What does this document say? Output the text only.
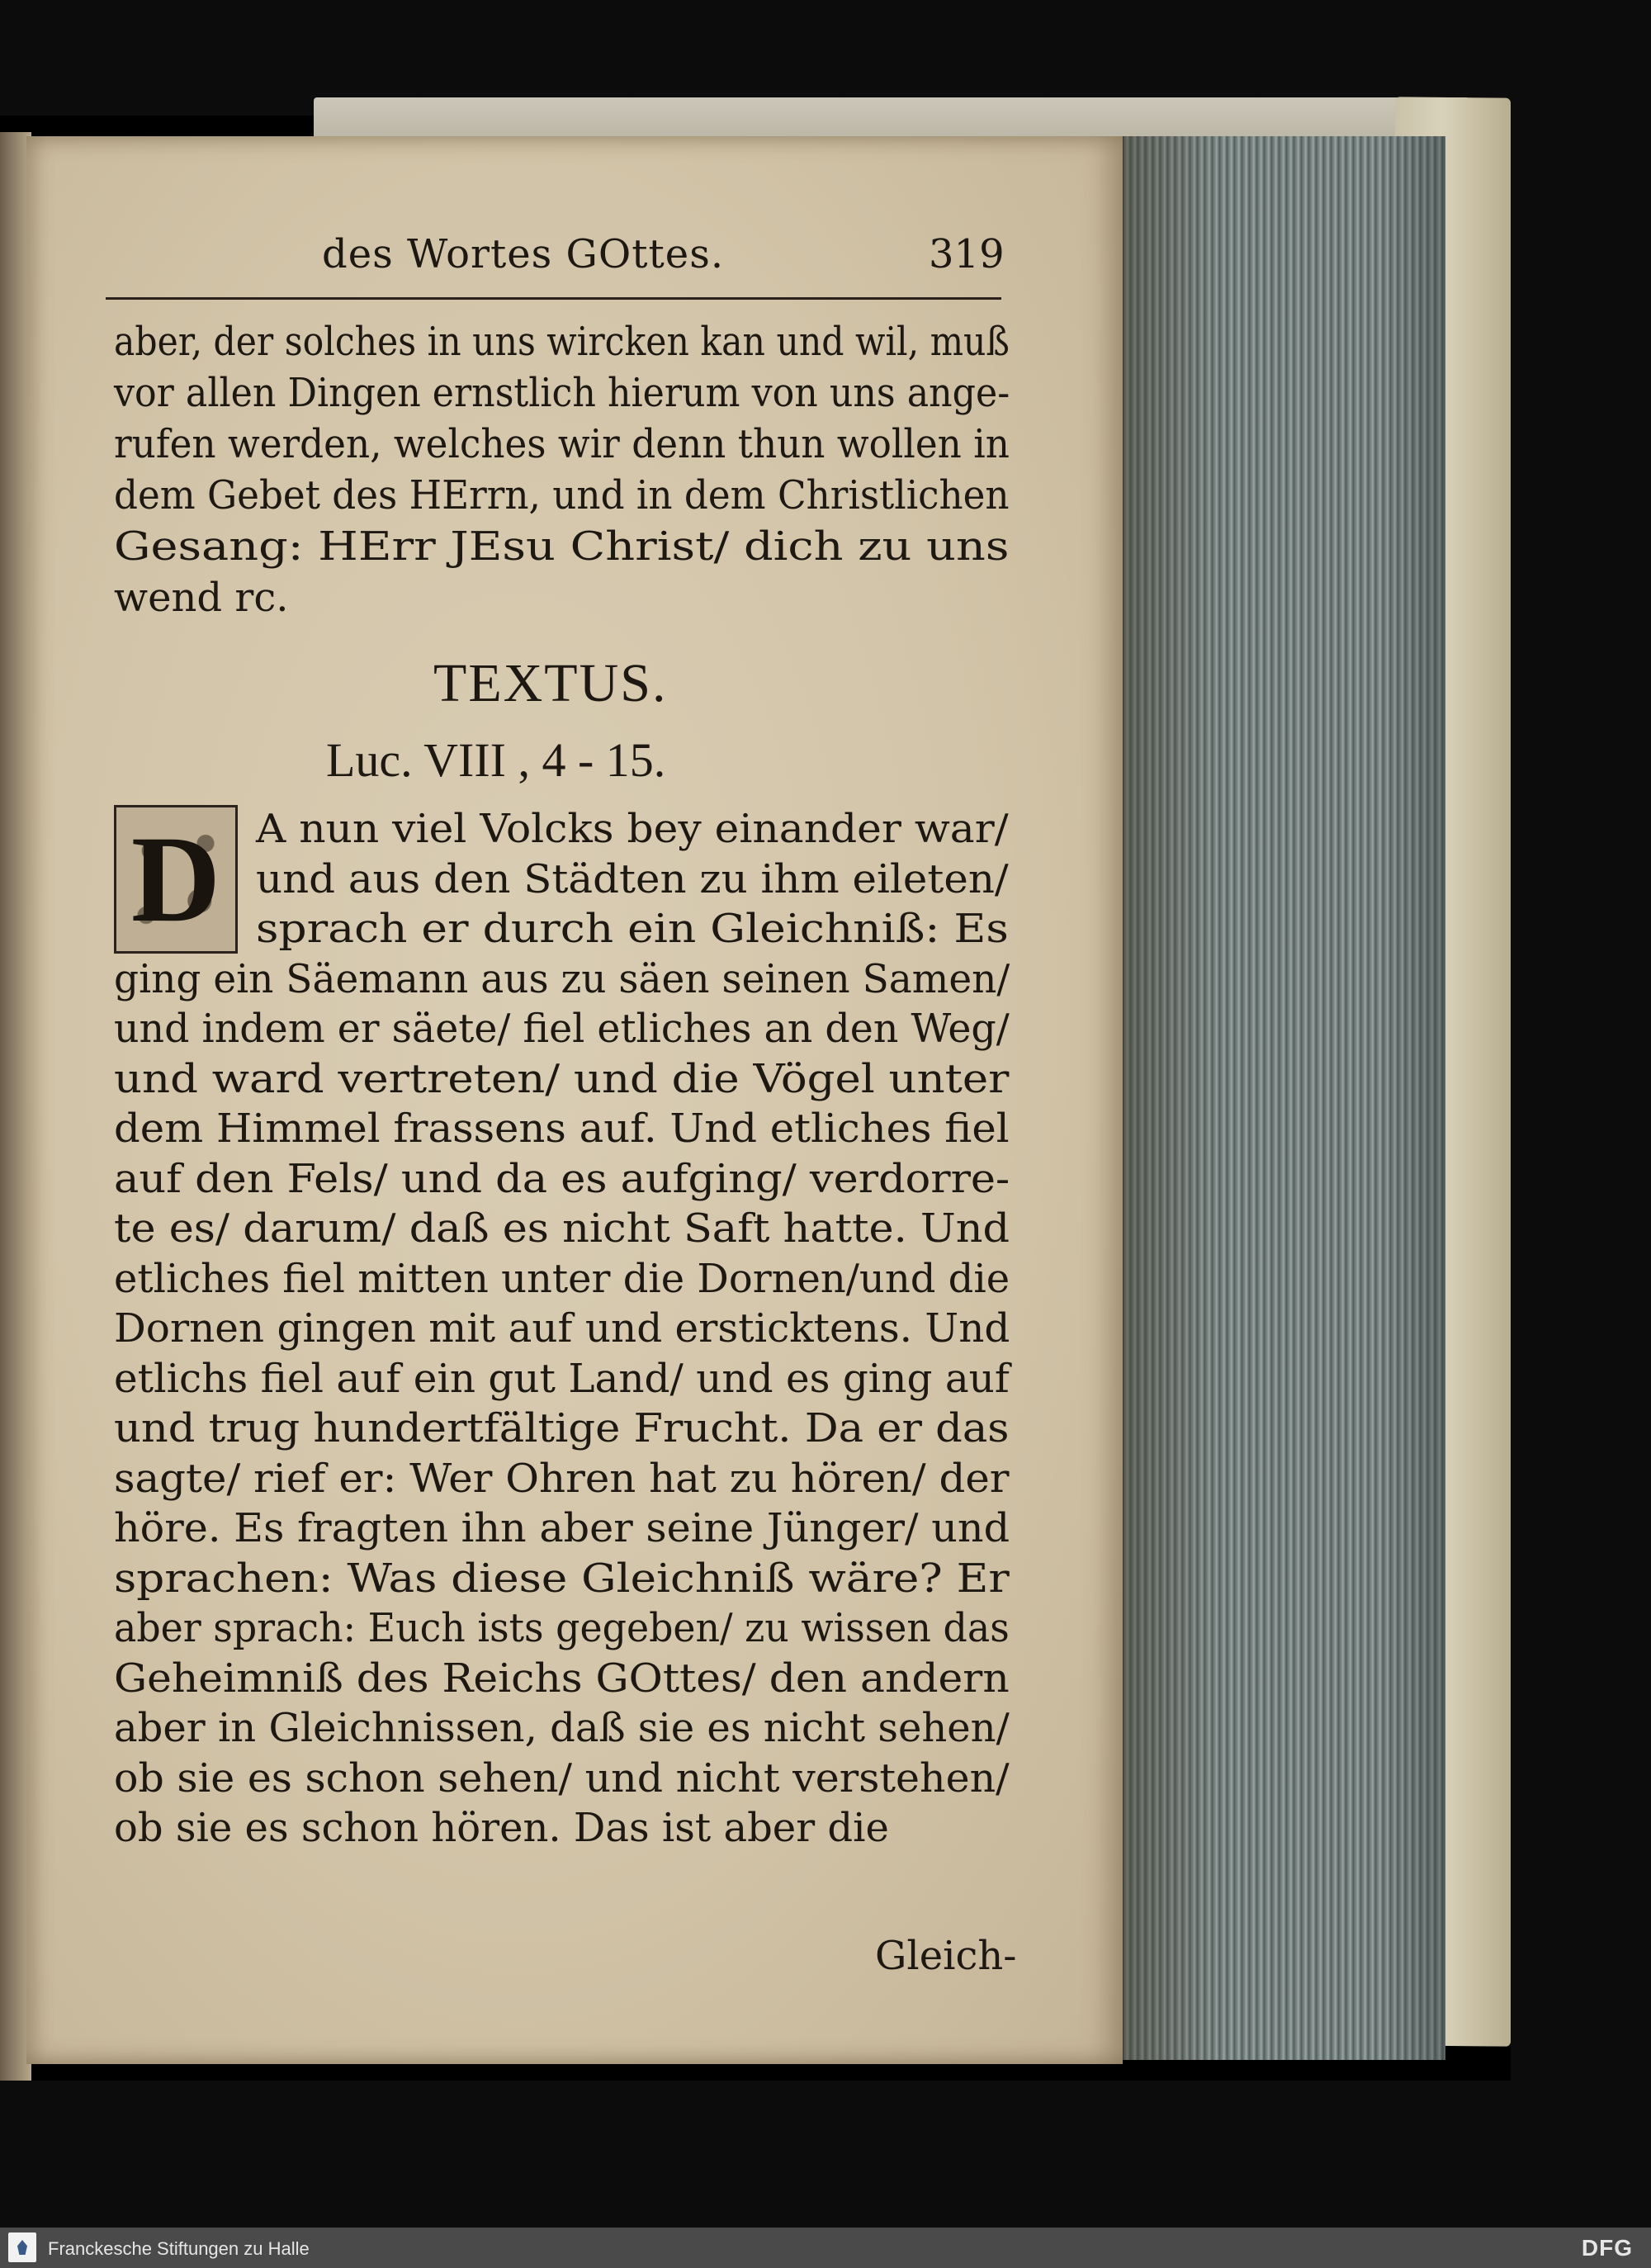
des Wortes GOttes.	319
aber, der solches in uns wircken kan und wil, muß
vor allen Dingen ernstlich hierum von uns ange-
rufen werden, welches wir denn thun wollen in
dem Gebet des HErrn, und in dem Christlichen
Gesang: HErr JEsu Christ/ dich zu uns
wend rc.
TEXTUS.
Luc. VIII , 4 - 15.
D A nun viel Volcks bey einander war/
und aus den Städten zu ihm eileten/
sprach er durch ein Gleichniß: Es
ging ein Säemann aus zu säen seinen Samen/
und indem er säete/ fiel etliches an den Weg/
und ward vertreten/ und die Vögel unter
dem Himmel frassens auf. Und etliches fiel
auf den Fels/ und da es aufging/ verdorre-
te es/ darum/ daß es nicht Saft hatte. Und
etliches fiel mitten unter die Dornen/und die
Dornen gingen mit auf und ersticktens. Und
etlichs fiel auf ein gut Land/ und es ging auf
und trug hundertfältige Frucht. Da er das
sagte/ rief er: Wer Ohren hat zu hören/ der
höre. Es fragten ihn aber seine Jünger/ und
sprachen: Was diese Gleichniß wäre? Er
aber sprach: Euch ists gegeben/ zu wissen das
Geheimniß des Reichs GOttes/ den andern
aber in Gleichnissen, daß sie es nicht sehen/
ob sie es schon sehen/ und nicht verstehen/
ob sie es schon hören. Das ist aber die
Gleich-
Franckesche Stiftungen zu Halle	DFG
